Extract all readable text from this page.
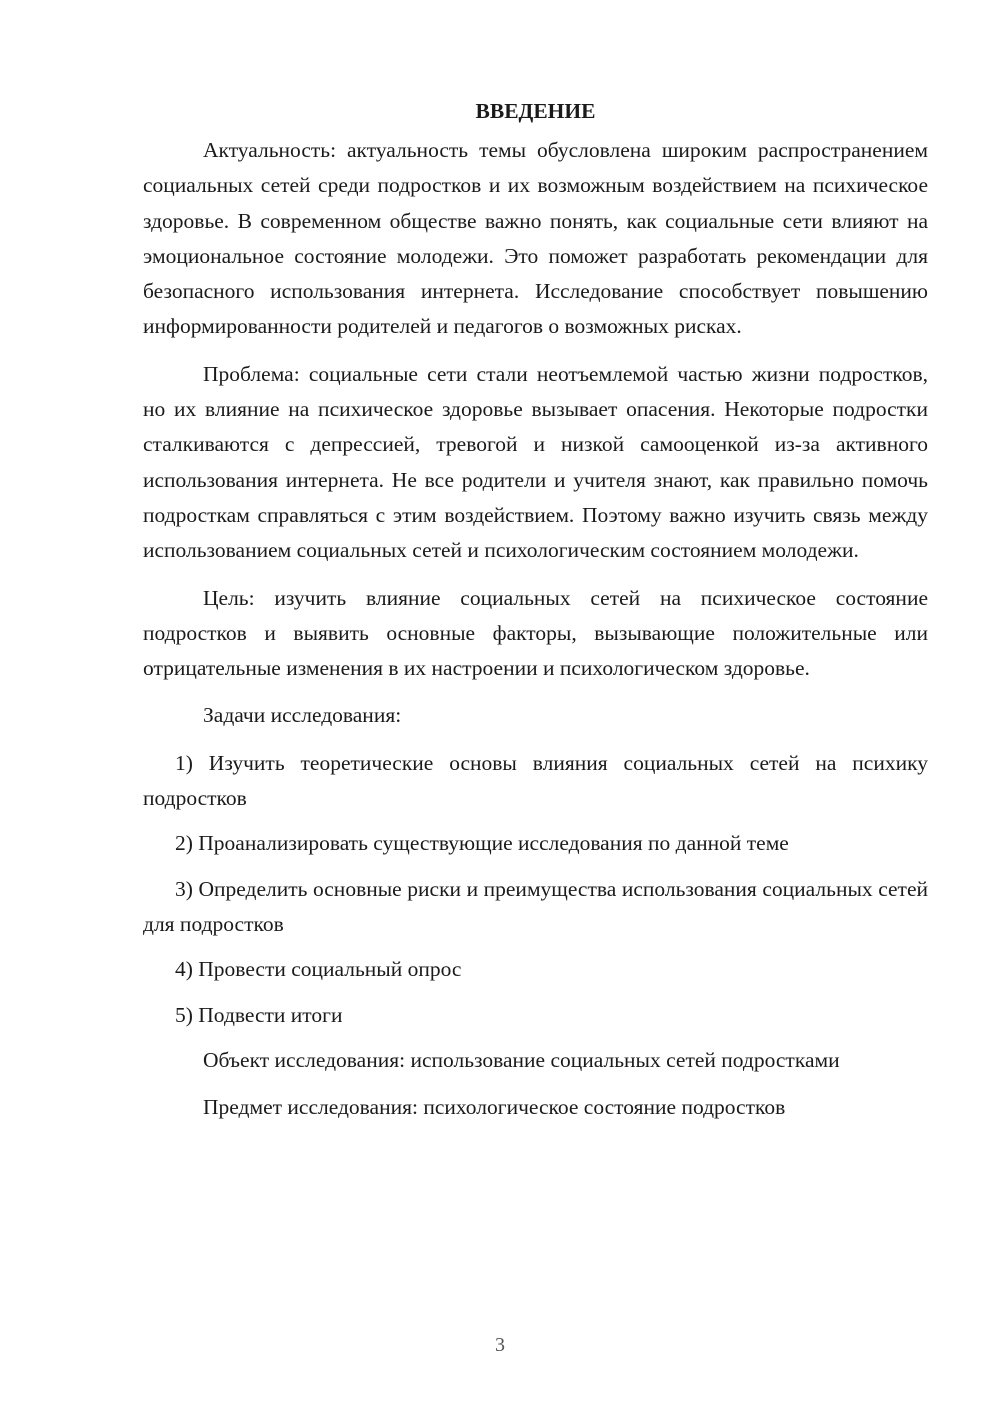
ВВЕДЕНИЕ

Актуальность: актуальность темы обусловлена широким распространением социальных сетей среди подростков и их возможным воздействием на психическое здоровье. В современном обществе важно понять, как социальные сети влияют на эмоциональное состояние молодежи. Это поможет разработать рекомендации для безопасного использования интернета. Исследование способствует повышению информированности родителей и педагогов о возможных рисках.

Проблема: социальные сети стали неотъемлемой частью жизни подростков, но их влияние на психическое здоровье вызывает опасения. Некоторые подростки сталкиваются с депрессией, тревогой и низкой самооценкой из-за активного использования интернета. Не все родители и учителя знают, как правильно помочь подросткам справляться с этим воздействием. Поэтому важно изучить связь между использованием социальных сетей и психологическим состоянием молодежи.

Цель: изучить влияние социальных сетей на психическое состояние подростков и выявить основные факторы, вызывающие положительные или отрицательные изменения в их настроении и психологическом здоровье.

Задачи исследования:

1) Изучить теоретические основы влияния социальных сетей на психику подростков

2) Проанализировать существующие исследования по данной теме

3) Определить основные риски и преимущества использования социальных сетей для подростков

4) Провести социальный опрос

5) Подвести итоги

Объект исследования: использование социальных сетей подростками

Предмет исследования: психологическое состояние подростков

3
